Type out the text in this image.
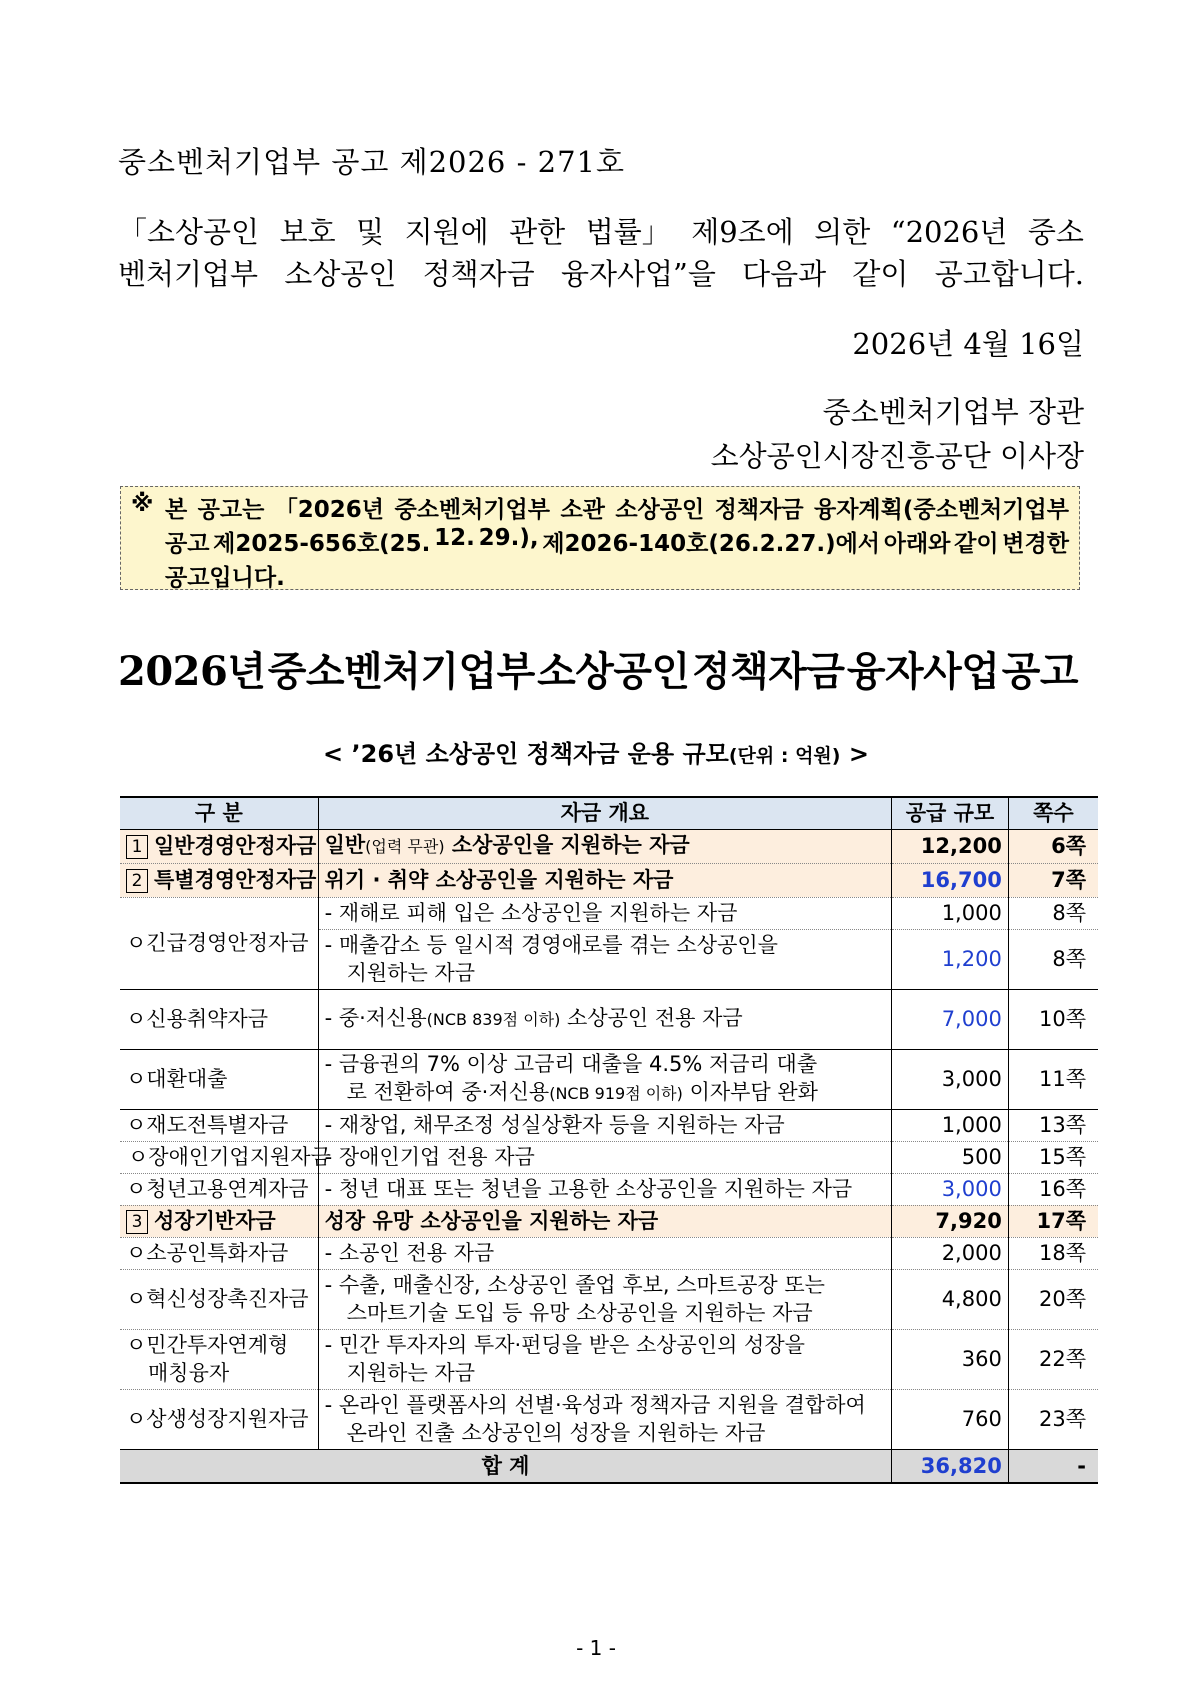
중소벤처기업부 공고 제2026 - 271호
「소상공인 보호 및 지원에 관한 법률」 제9조에 의한 “2026년 중소
벤처기업부 소상공인 정책자금 융자사업”을 다음과 같이 공고합니다.
2026년 4월 16일
중소벤처기업부 장관
소상공인시장진흥공단 이사장
※ 본 공고는 「2026년 중소벤처기업부 소관 소상공인 정책자금 융자계획(중소벤처기업부
공고 제2025-656호(25. 12. 29.), 제2026-140호(26.2.27.)에서 아래와 같이 변경한
공고입니다.
2026년 중소벤처기업부 소상공인 정책자금 융자사업 공고
< ’26년 소상공인 정책자금 운용 규모(단위 : 억원) >
구 분	자금 개요	공급 규모	쪽수
1 일반경영안정자금	일반(업력 무관) 소상공인을 지원하는 자금	12,200	6쪽
2 특별경영안정자금	위기 · 취약 소상공인을 지원하는 자금	16,700	7쪽
ㅇ긴급경영안정자금	- 재해로 피해 입은 소상공인을 지원하는 자금	1,000	8쪽
	- 매출감소 등 일시적 경영애로를 겪는 소상공인을
지원하는 자금	1,200	8쪽
ㅇ신용취약자금	- 중·저신용(NCB 839점 이하) 소상공인 전용 자금	7,000	10쪽
ㅇ대환대출	- 금융권의 7% 이상 고금리 대출을 4.5% 저금리 대출
로 전환하여 중·저신용(NCB 919점 이하) 이자부담 완화	3,000	11쪽
ㅇ재도전특별자금	- 재창업, 채무조정 성실상환자 등을 지원하는 자금	1,000	13쪽
ㅇ장애인기업지원자금	- 장애인기업 전용 자금	500	15쪽
ㅇ청년고용연계자금	- 청년 대표 또는 청년을 고용한 소상공인을 지원하는 자금	3,000	16쪽
3 성장기반자금	성장 유망 소상공인을 지원하는 자금	7,920	17쪽
ㅇ소공인특화자금	- 소공인 전용 자금	2,000	18쪽
ㅇ혁신성장촉진자금	- 수출, 매출신장, 소상공인 졸업 후보, 스마트공장 또는
스마트기술 도입 등 유망 소상공인을 지원하는 자금	4,800	20쪽
ㅇ민간투자연계형
매칭융자	- 민간 투자자의 투자·펀딩을 받은 소상공인의 성장을
지원하는 자금	360	22쪽
ㅇ상생성장지원자금	- 온라인 플랫폼사의 선별·육성과 정책자금 지원을 결합하여
온라인 진출 소상공인의 성장을 지원하는 자금	760	23쪽
합 계		36,820	-
- 1 -
